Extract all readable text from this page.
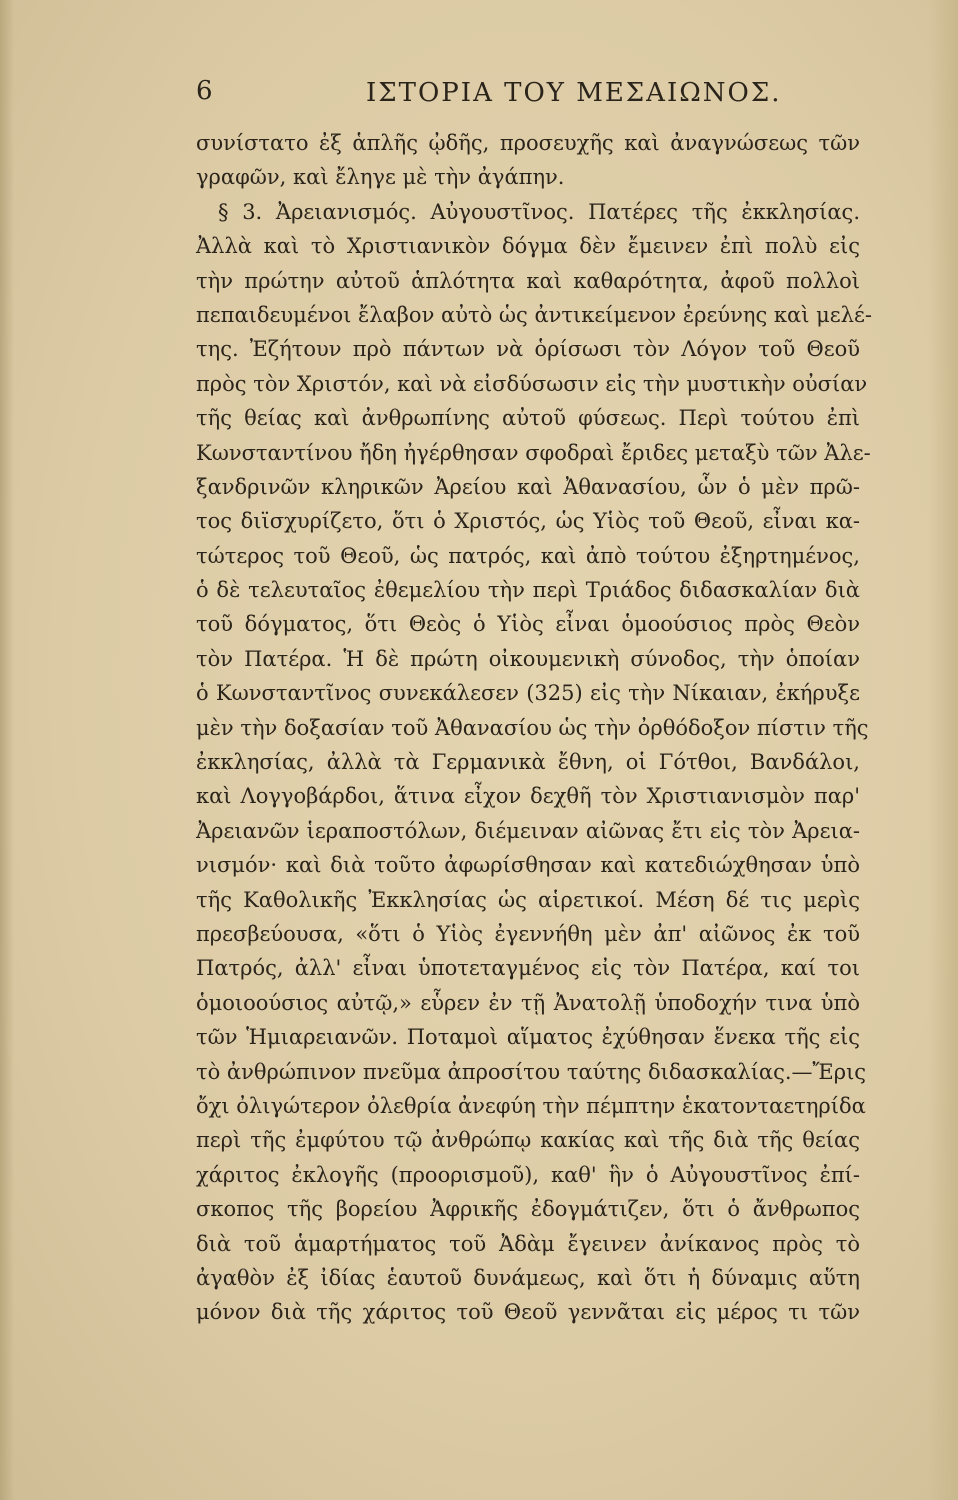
6	ΙΣΤΟΡΙΑ ΤΟΥ ΜΕΣΑΙΩΝΟΣ.
συνίστατο ἐξ ἁπλῆς ᾠδῆς, προσευχῆς καὶ ἀναγνώσεως τῶν
γραφῶν, καὶ ἔληγε μὲ τὴν ἀγάπην.
§ 3. Ἀρειανισμός. Αὐγουστῖνος. Πατέρες τῆς ἐκκλησίας.
Ἀλλὰ καὶ τὸ Χριστιανικὸν δόγμα δὲν ἔμεινεν ἐπὶ πολὺ εἰς
τὴν πρώτην αὐτοῦ ἁπλότητα καὶ καθαρότητα, ἀφοῦ πολλοὶ
πεπαιδευμένοι ἔλαβον αὐτὸ ὡς ἀντικείμενον ἐρεύνης καὶ μελέ-
της. Ἐζήτουν πρὸ πάντων νὰ ὁρίσωσι τὸν Λόγον τοῦ Θεοῦ
πρὸς τὸν Χριστόν, καὶ νὰ εἰσδύσωσιν εἰς τὴν μυστικὴν οὐσίαν
τῆς θείας καὶ ἀνθρωπίνης αὐτοῦ φύσεως. Περὶ τούτου ἐπὶ
Κωνσταντίνου ἤδη ἠγέρθησαν σφοδραὶ ἔριδες μεταξὺ τῶν Ἀλε-
ξανδρινῶν κληρικῶν Ἀρείου καὶ Ἀθανασίου, ὧν ὁ μὲν πρῶ-
τος διϊσχυρίζετο, ὅτι ὁ Χριστός, ὡς Υἱὸς τοῦ Θεοῦ, εἶναι κα-
τώτερος τοῦ Θεοῦ, ὡς πατρός, καὶ ἀπὸ τούτου ἐξηρτημένος,
ὁ δὲ τελευταῖος ἐθεμελίου τὴν περὶ Τριάδος διδασκαλίαν διὰ
τοῦ δόγματος, ὅτι Θεὸς ὁ Υἱὸς εἶναι ὁμοούσιος πρὸς Θεὸν
τὸν Πατέρα. Ἡ δὲ πρώτη οἰκουμενικὴ σύνοδος, τὴν ὁποίαν
ὁ Κωνσταντῖνος συνεκάλεσεν (325) εἰς τὴν Νίκαιαν, ἐκήρυξε
μὲν τὴν δοξασίαν τοῦ Ἀθανασίου ὡς τὴν ὀρθόδοξον πίστιν τῆς
ἐκκλησίας, ἀλλὰ τὰ Γερμανικὰ ἔθνη, οἱ Γότθοι, Βανδάλοι,
καὶ Λογγοβάρδοι, ἅτινα εἶχον δεχθῆ τὸν Χριστιανισμὸν παρ'
Ἀρειανῶν ἱεραποστόλων, διέμειναν αἰῶνας ἔτι εἰς τὸν Ἀρεια-
νισμόν· καὶ διὰ τοῦτο ἀφωρίσθησαν καὶ κατεδιώχθησαν ὑπὸ
τῆς Καθολικῆς Ἐκκλησίας ὡς αἱρετικοί. Μέση δέ τις μερὶς
πρεσβεύουσα, «ὅτι ὁ Υἱὸς ἐγεννήθη μὲν ἀπ' αἰῶνος ἐκ τοῦ
Πατρός, ἀλλ' εἶναι ὑποτεταγμένος εἰς τὸν Πατέρα, καί τοι
ὁμοιοούσιος αὐτῷ,» εὗρεν ἐν τῇ Ἀνατολῇ ὑποδοχήν τινα ὑπὸ
τῶν Ἡμιαρειανῶν. Ποταμοὶ αἵματος ἐχύθησαν ἕνεκα τῆς εἰς
τὸ ἀνθρώπινον πνεῦμα ἀπροσίτου ταύτης διδασκαλίας.—Ἔρις
ὄχι ὀλιγώτερον ὀλεθρία ἀνεφύη τὴν πέμπτην ἑκατονταετηρίδα
περὶ τῆς ἐμφύτου τῷ ἀνθρώπῳ κακίας καὶ τῆς διὰ τῆς θείας
χάριτος ἐκλογῆς (προορισμοῦ), καθ' ἣν ὁ Αὐγουστῖνος ἐπί-
σκοπος τῆς βορείου Ἀφρικῆς ἐδογμάτιζεν, ὅτι ὁ ἄνθρωπος
διὰ τοῦ ἁμαρτήματος τοῦ Ἀδὰμ ἔγεινεν ἀνίκανος πρὸς τὸ
ἀγαθὸν ἐξ ἰδίας ἑαυτοῦ δυνάμεως, καὶ ὅτι ἡ δύναμις αὕτη
μόνον διὰ τῆς χάριτος τοῦ Θεοῦ γεννᾶται εἰς μέρος τι τῶν
